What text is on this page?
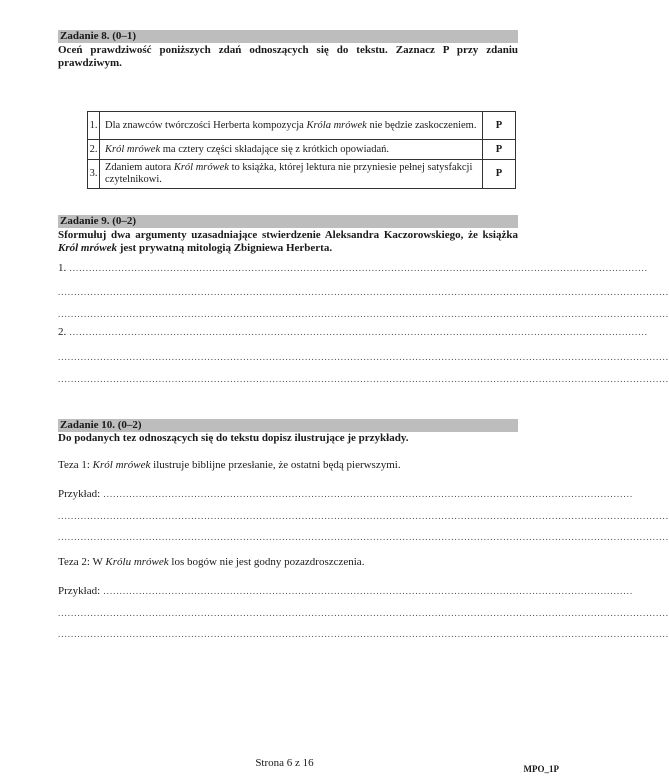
Zadanie 8. (0–1)
Oceń prawdziwość poniższych zdań odnoszących się do tekstu. Zaznacz P przy zdaniu prawdziwym.
1.	Dla znawców twórczości Herberta kompozycja Króla mrówek nie będzie zaskoczeniem.	P
2.	Król mrówek ma cztery części składające się z krótkich opowiadań.	P
3.	Zdaniem autora Król mrówek to książka, której lektura nie przyniesie pełnej satysfakcji czytelnikowi.	P
Zadanie 9. (0–2)
Sformułuj dwa argumenty uzasadniające stwierdzenie Aleksandra Kaczorowskiego, że książka Król mrówek jest prywatną mitologią Zbigniewa Herberta.
1. ..................................................................................................................................................................................
............................................................................................................................................................................................
............................................................................................................................................................................................
2. ..................................................................................................................................................................................
............................................................................................................................................................................................
............................................................................................................................................................................................
Zadanie 10. (0–2)
Do podanych tez odnoszących się do tekstu dopisz ilustrujące je przykłady.
Teza 1: Król mrówek ilustruje biblijne przesłanie, że ostatni będą pierwszymi.
Przykład: ...................................................................................................................................................................
............................................................................................................................................................................................
............................................................................................................................................................................................
Teza 2: W Królu mrówek los bogów nie jest godny pozazdroszczenia.
Przykład: ...................................................................................................................................................................
............................................................................................................................................................................................
............................................................................................................................................................................................
Strona 6 z 16	MPO_1P
